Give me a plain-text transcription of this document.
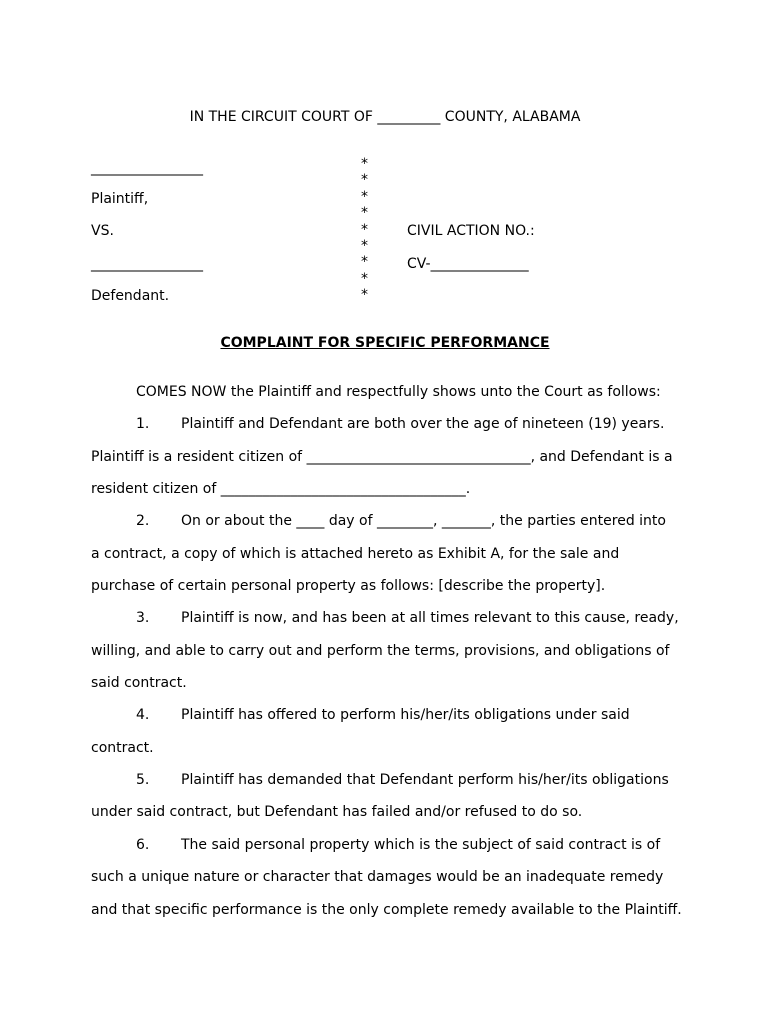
IN THE CIRCUIT COURT OF _________ COUNTY, ALABAMA
________________
Plaintiff,
VS.
________________
Defendant.
*
*
*
*
*
*
*
*
*
CIVIL ACTION NO.:
CV-______________
COMPLAINT FOR SPECIFIC PERFORMANCE
COMES NOW the Plaintiff and respectfully shows unto the Court as follows:
1. Plaintiff and Defendant are both over the age of nineteen (19) years.
Plaintiff is a resident citizen of ________________________________, and Defendant is a
resident citizen of ___________________________________.
2. On or about the ____ day of ________, _______, the parties entered into
a contract, a copy of which is attached hereto as Exhibit A, for the sale and
purchase of certain personal property as follows: [describe the property].
3. Plaintiff is now, and has been at all times relevant to this cause, ready,
willing, and able to carry out and perform the terms, provisions, and obligations of
said contract.
4. Plaintiff has offered to perform his/her/its obligations under said
contract.
5. Plaintiff has demanded that Defendant perform his/her/its obligations
under said contract, but Defendant has failed and/or refused to do so.
6. The said personal property which is the subject of said contract is of
such a unique nature or character that damages would be an inadequate remedy
and that specific performance is the only complete remedy available to the Plaintiff.
